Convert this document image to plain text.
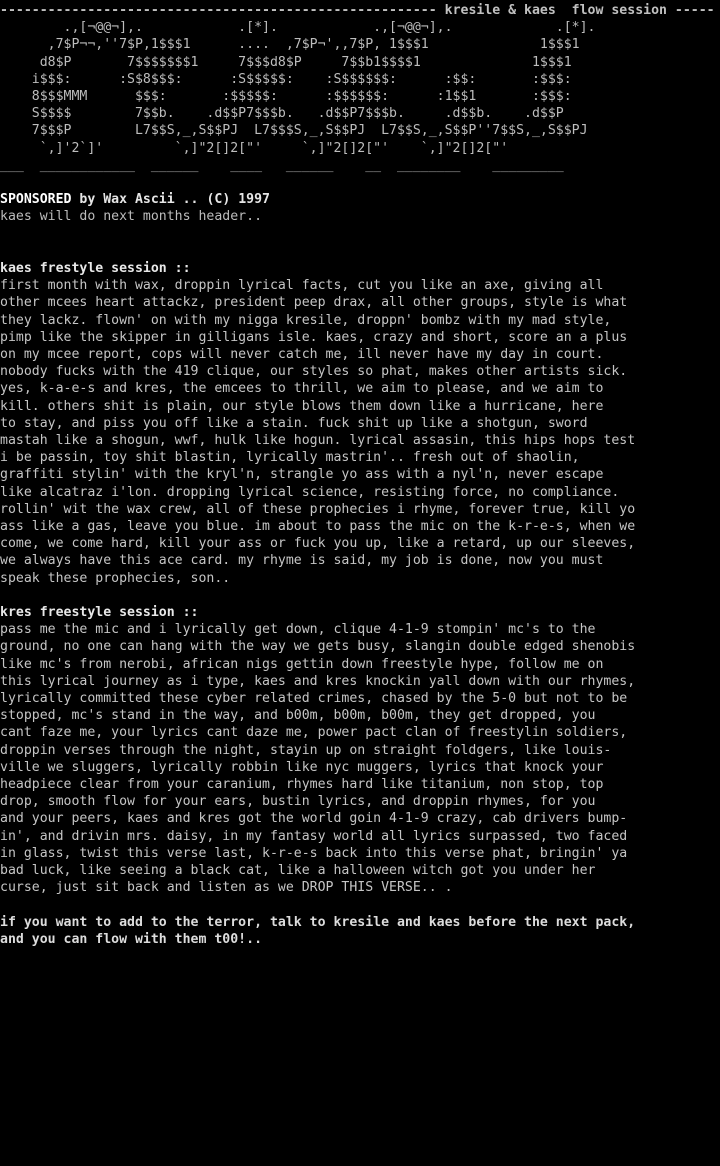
------------------------------------------------------- kresile & kaes  flow session -----
.,[¬@@¬],.            .[*].            .,[¬@@¬],.             .[*].
,7$P¬¬,''7$P,1$$$1      ....  ,7$P¬',,7$P, 1$$$1              1$$$1
d8$P       7$$$$$$$1     7$$$d8$P     7$$b1$$$$1              1$$$1
i$$$:      :S$8$$$:      :S$$$$$:    :S$$$$$$:      :$$:       :$$$:
8$$$MMM      $$$:       :$$$$$:      :$$$$$$:      :1$$1       :$$$:
S$$$$        7$$b.    .d$$P7$$$b.   .d$$P7$$$b.     .d$$b.    .d$$P
7$$$P        L7$$S,_,S$$PJ  L7$$$S,_,S$$PJ  L7$$S,_,S$$P''7$$S,_,S$$PJ
`,]'2`]'         `,]"2[]2["'     `,]"2[]2["'    `,]"2[]2["'
___  ____________  ______    ____   ______    __  ________    _________
SPONSORED by Wax Ascii .. (C) 1997
kaes will do next months header..
kaes frestyle session ::
first month with wax, droppin lyrical facts, cut you like an axe, giving all
other mcees heart attackz, president peep drax, all other groups, style is what
they lackz. flown' on with my nigga kresile, droppn' bombz with my mad style,
pimp like the skipper in gilligans isle. kaes, crazy and short, score an a plus
on my mcee report, cops will never catch me, ill never have my day in court.
nobody fucks with the 419 clique, our styles so phat, makes other artists sick.
yes, k-a-e-s and kres, the emcees to thrill, we aim to please, and we aim to
kill. others shit is plain, our style blows them down like a hurricane, here
to stay, and piss you off like a stain. fuck shit up like a shotgun, sword
mastah like a shogun, wwf, hulk like hogun. lyrical assasin, this hips hops test
i be passin, toy shit blastin, lyrically mastrin'.. fresh out of shaolin,
graffiti stylin' with the kryl'n, strangle yo ass with a nyl'n, never escape
like alcatraz i'lon. dropping lyrical science, resisting force, no compliance.
rollin' wit the wax crew, all of these prophecies i rhyme, forever true, kill yo
ass like a gas, leave you blue. im about to pass the mic on the k-r-e-s, when we
come, we come hard, kill your ass or fuck you up, like a retard, up our sleeves,
we always have this ace card. my rhyme is said, my job is done, now you must
speak these prophecies, son..
kres freestyle session ::
pass me the mic and i lyrically get down, clique 4-1-9 stompin' mc's to the
ground, no one can hang with the way we gets busy, slangin double edged shenobis
like mc's from nerobi, african nigs gettin down freestyle hype, follow me on
this lyrical journey as i type, kaes and kres knockin yall down with our rhymes,
lyrically committed these cyber related crimes, chased by the 5-0 but not to be
stopped, mc's stand in the way, and b00m, b00m, b00m, they get dropped, you
cant faze me, your lyrics cant daze me, power pact clan of freestylin soldiers,
droppin verses through the night, stayin up on straight foldgers, like louis-
ville we sluggers, lyrically robbin like nyc muggers, lyrics that knock your
headpiece clear from your caranium, rhymes hard like titanium, non stop, top
drop, smooth flow for your ears, bustin lyrics, and droppin rhymes, for you
and your peers, kaes and kres got the world goin 4-1-9 crazy, cab drivers bump-
in', and drivin mrs. daisy, in my fantasy world all lyrics surpassed, two faced
in glass, twist this verse last, k-r-e-s back into this verse phat, bringin' ya
bad luck, like seeing a black cat, like a halloween witch got you under her
curse, just sit back and listen as we DROP THIS VERSE.. .
if you want to add to the terror, talk to kresile and kaes before the next pack,
and you can flow with them t00!..
